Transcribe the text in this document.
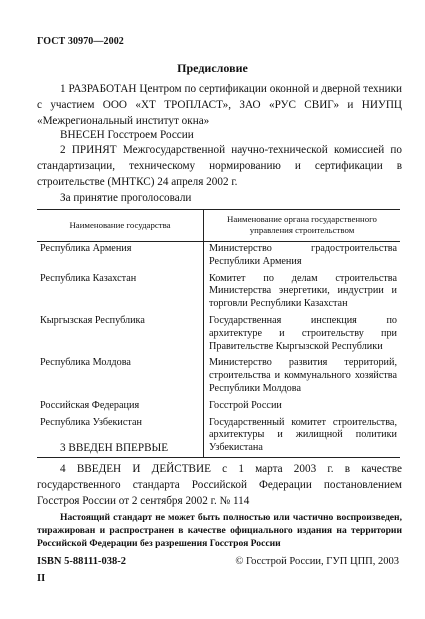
ГОСТ 30970—2002
Предисловие
1 РАЗРАБОТАН Центром по сертификации оконной и дверной техники с участием ООО «ХТ ТРОПЛАСТ», ЗАО «РУС СВИГ» и НИУПЦ «Межрегиональный институт окна»
ВНЕСЕН Госстроем России
2 ПРИНЯТ Межгосударственной научно-технической комиссией по стандартизации, техническому нормированию и сертификации в строительстве (МНТКС) 24 апреля 2002 г.
За принятие проголосовали
Наименование государства	Наименование органа государственного управления строительством
Республика Армения	Министерство градостроительства Республики Армения
Республика Казахстан	Комитет по делам строительства Министерства энергетики, индустрии и торговли Республики Казахстан
Кыргызская Республика	Государственная инспекция по архитектуре и строительству при Правительстве Кыргызской Республики
Республика Молдова	Министерство развития территорий, строительства и коммунального хозяйства Республики Молдова
Российская Федерация	Госстрой России
Республика Узбекистан	Государственный комитет строительства, архитектуры и жилищной политики Узбекистана
3 ВВЕДЕН ВПЕРВЫЕ
4 ВВЕДЕН И ДЕЙСТВИЕ с 1 марта 2003 г. в качестве государственного стандарта Российской Федерации постановлением Госстроя России от 2 сентября 2002 г. № 114
Настоящий стандарт не может быть полностью или частично воспроизведен, тиражирован и распространен в качестве официального издания на территории Российской Федерации без разрешения Госстроя России
ISBN 5-88111-038-2	© Госстрой России, ГУП ЦПП, 2003
II
